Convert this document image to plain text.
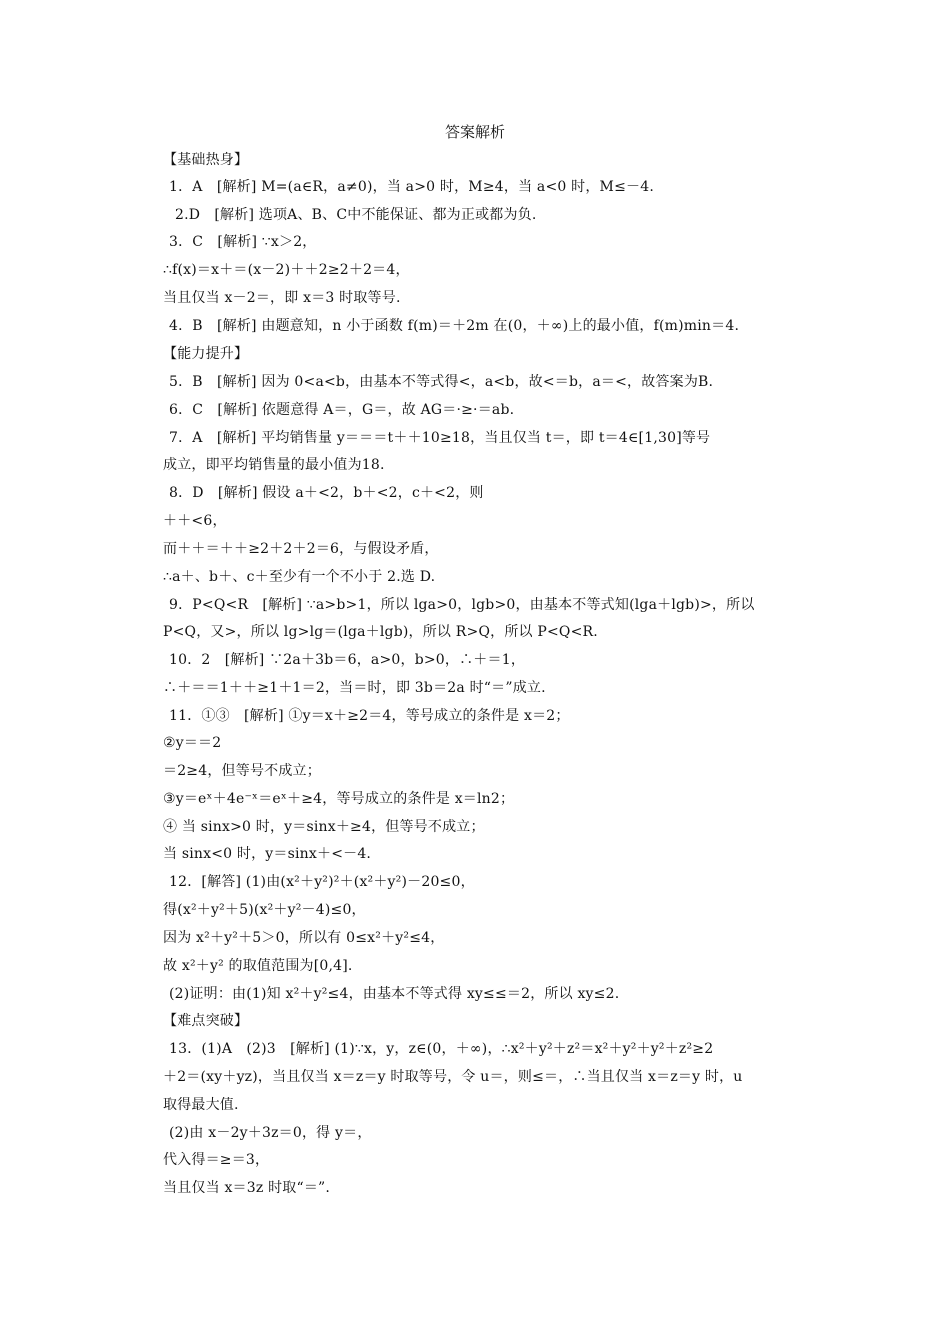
答案解析
【基础热身】
1．A　[解析] M=(a∈R，a≠0)，当 a>0 时，M≥4，当 a<0 时，M≤－4.
2.D　[解析] 选项A、B、C中不能保证、都为正或都为负.
3．C　[解析] ∵x＞2，
∴f(x)＝x＋＝(x－2)＋＋2≥2＋2＝4，
当且仅当 x－2＝，即 x＝3 时取等号.
4．B　[解析] 由题意知，n 小于函数 f(m)＝＋2m 在(0，＋∞)上的最小值，f(m)min＝4.
【能力提升】
5．B　[解析] 因为 0<a<b，由基本不等式得<，a<b，故<＝b，a＝<，故答案为B.
6．C　[解析] 依题意得 A＝，G＝，故 AG＝·≥·＝ab.
7．A　[解析] 平均销售量 y＝＝＝t＋＋10≥18，当且仅当 t＝，即 t＝4∈[1,30]等号
成立，即平均销售量的最小值为18.
8．D　[解析] 假设 a＋<2，b＋<2，c＋<2，则
＋＋<6，
而＋＋＝＋＋≥2＋2＋2＝6，与假设矛盾，
∴a＋、b＋、c＋至少有一个不小于 2.选 D.
9．P<Q<R　[解析] ∵a>b>1，所以 lga>0，lgb>0，由基本不等式知(lga＋lgb)>，所以
P<Q，又>，所以 lg>lg＝(lga＋lgb)，所以 R>Q，所以 P<Q<R.
10．2　[解析] ∵2a＋3b＝6，a>0，b>0，∴＋＝1，
∴＋＝＝1＋＋≥1＋1＝2，当＝时，即 3b＝2a 时“＝”成立.
11．①③　[解析] ①y＝x＋≥2＝4，等号成立的条件是 x＝2；
②y＝＝2
＝2≥4，但等号不成立；
③y＝eˣ＋4e⁻ˣ＝eˣ＋≥4，等号成立的条件是 x＝ln2；
④ 当 sinx>0 时，y＝sinx＋≥4，但等号不成立；
当 sinx<0 时，y＝sinx＋<－4.
12．[解答] (1)由(x²＋y²)²＋(x²＋y²)－20≤0，
得(x²＋y²＋5)(x²＋y²－4)≤0，
因为 x²＋y²＋5＞0，所以有 0≤x²＋y²≤4，
故 x²＋y² 的取值范围为[0,4].
(2)证明：由(1)知 x²＋y²≤4，由基本不等式得 xy≤≤＝2，所以 xy≤2.
【难点突破】
13．(1)A　(2)3　[解析] (1)∵x，y，z∈(0，＋∞)，∴x²＋y²＋z²＝x²＋y²＋y²＋z²≥2
＋2＝(xy＋yz)，当且仅当 x＝z＝y 时取等号，令 u＝，则≤＝，∴当且仅当 x＝z＝y 时，u
取得最大值.
(2)由 x－2y＋3z＝0，得 y＝，
代入得＝≥＝3，
当且仅当 x＝3z 时取“＝”.
